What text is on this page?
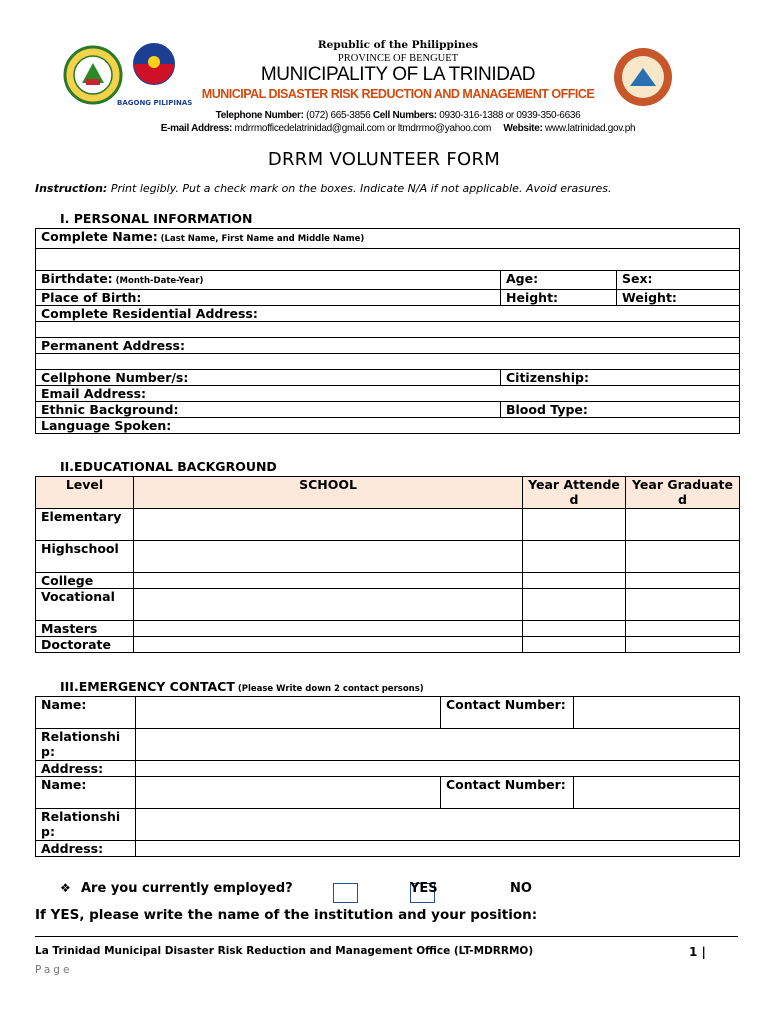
BAGONG PILIPINAS
Republic of the Philippines
PROVINCE OF BENGUET
MUNICIPALITY OF LA TRINIDAD
MUNICIPAL DISASTER RISK REDUCTION AND MANAGEMENT OFFICE
Telephone Number: (072) 665-3856 Cell Numbers: 0930-316-1388 or 0939-350-6636
E-mail Address: mdrrmofficedelatrinidad@gmail.com or ltmdrrmo@yahoo.com Website: www.latrinidad.gov.ph
DRRM VOLUNTEER FORM
Instruction: Print legibly. Put a check mark on the boxes. Indicate N/A if not applicable. Avoid erasures.
I. PERSONAL INFORMATION
Complete Name: (Last Name, First Name and Middle Name)		

Birthdate: (Month-Date-Year)	Age:	Sex:
Place of Birth:	Height:	Weight:
Complete Residential Address:		

Permanent Address:		

Cellphone Number/s:	Citizenship:	
Email Address:		
Ethnic Background:	Blood Type:	
Language Spoken:		
II.EDUCATIONAL BACKGROUND
Level	SCHOOL	Year Attended	Year Graduated
Elementary			
Highschool			
College			
Vocational			
Masters			
Doctorate			
III.EMERGENCY CONTACT (Please Write down 2 contact persons)
Name:		Contact Number:	
Relationship:			
Address:			
Name:		Contact Number:	
Relationship:			
Address:			
❖ Are you currently employed?	YES	NO
If YES, please write the name of the institution and your position:
La Trinidad Municipal Disaster Risk Reduction and Management Office (LT-MDRRMO)	1 |
Page
